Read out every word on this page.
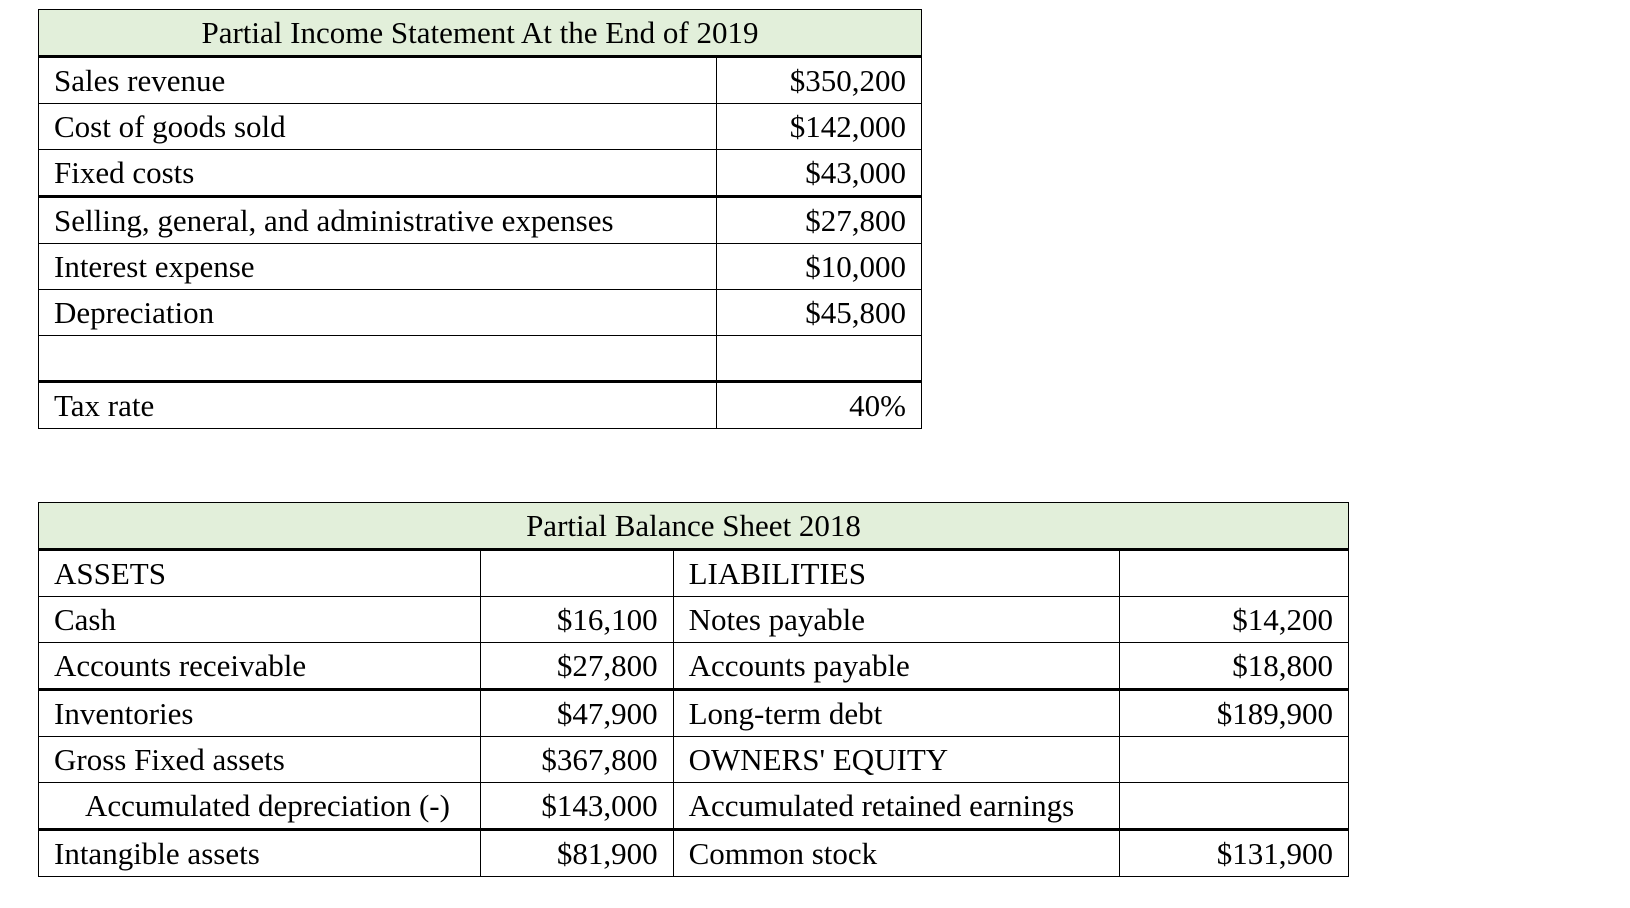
Partial Income Statement At the End of 2019	
Sales revenue	$350,200
Cost of goods sold	$142,000
Fixed costs	$43,000
Selling, general, and administrative expenses	$27,800
Interest expense	$10,000
Depreciation	$45,800

Tax rate	40%
Partial Balance Sheet 2018			
ASSETS		LIABILITIES	
Cash	$16,100	Notes payable	$14,200
Accounts receivable	$27,800	Accounts payable	$18,800
Inventories	$47,900	Long-term debt	$189,900
Gross Fixed assets	$367,800	OWNERS' EQUITY	
Accumulated depreciation (-)	$143,000	Accumulated retained earnings	
Intangible assets	$81,900	Common stock	$131,900
